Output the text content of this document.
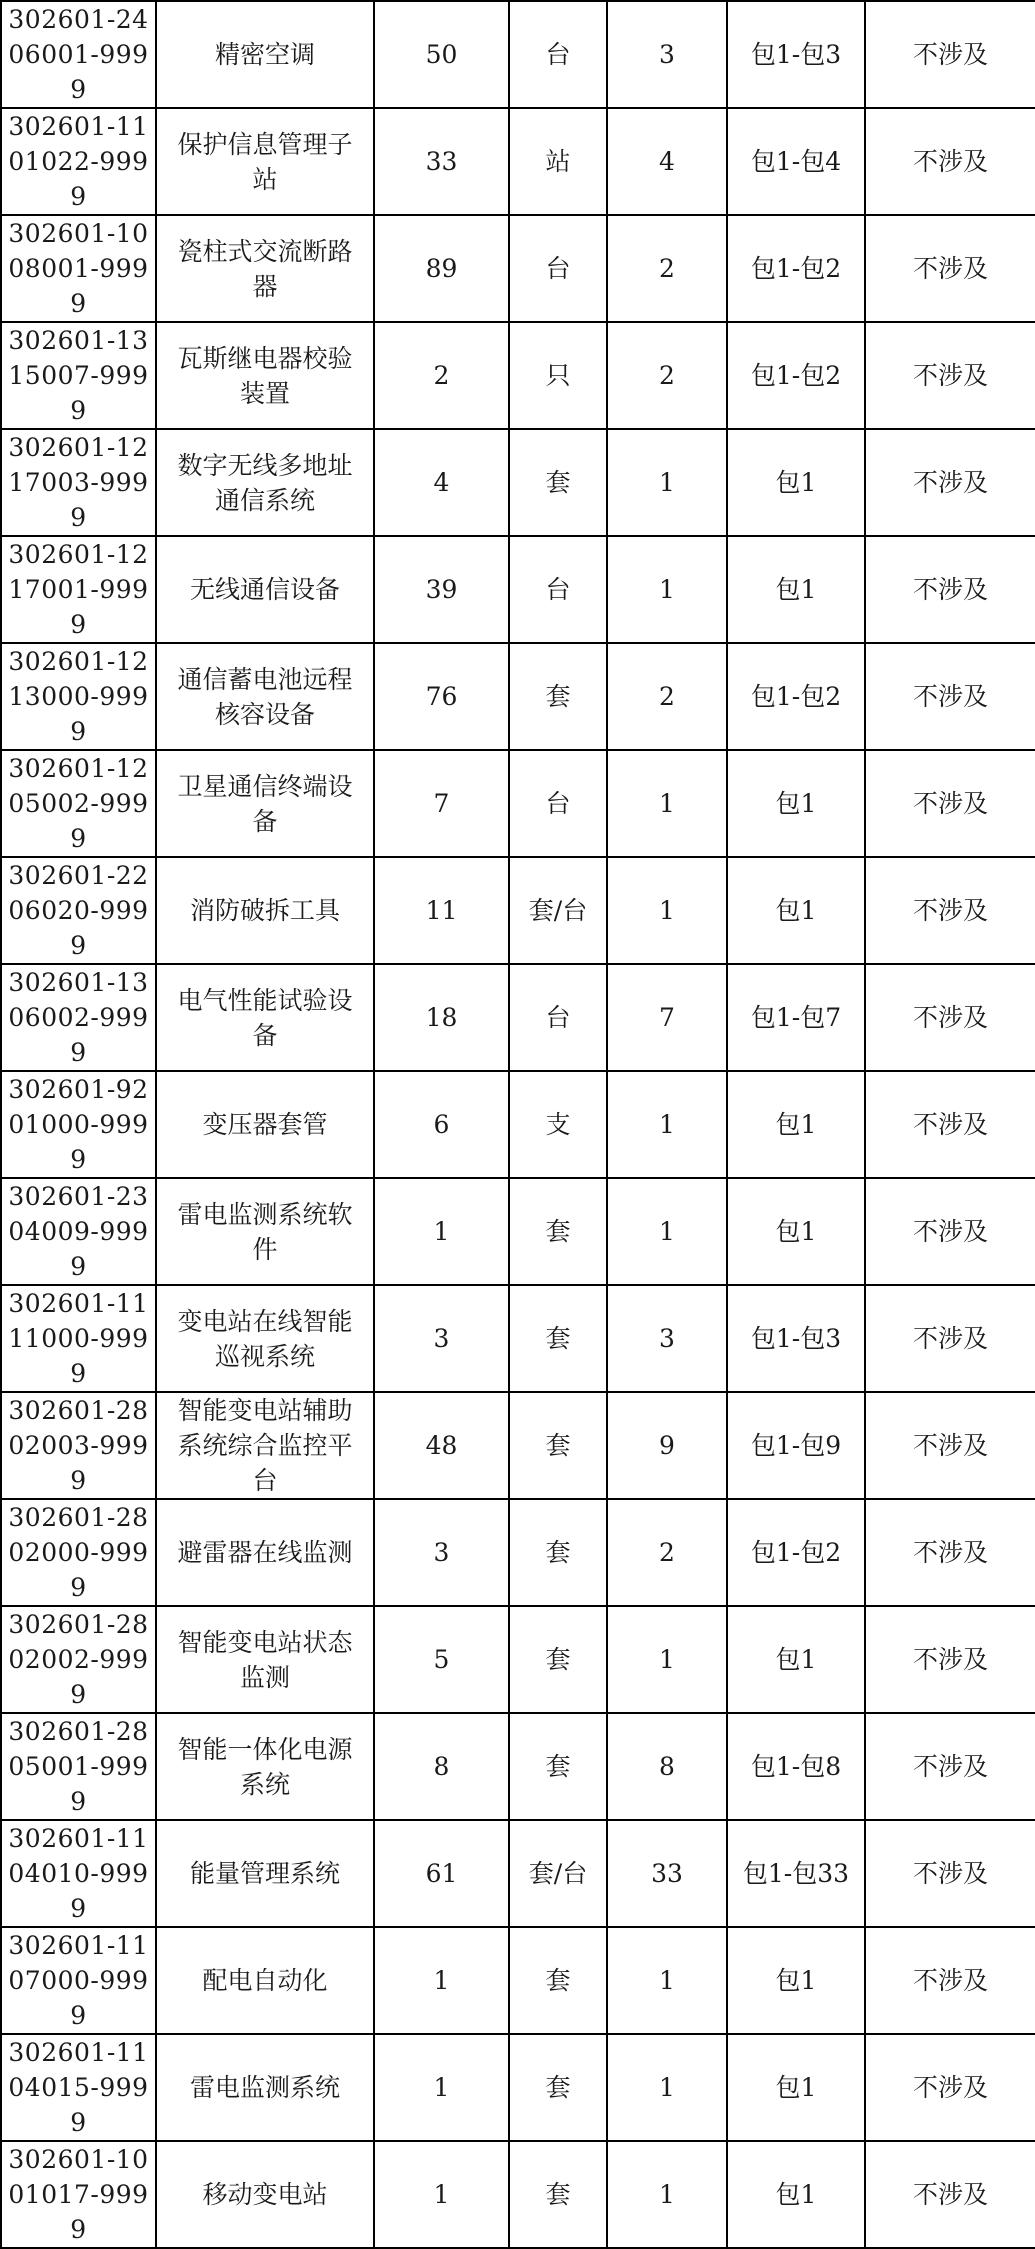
302601-2406001-9999	精密空调	50	台	3	包1-包3	不涉及
302601-1101022-9999	保护信息管理子站	33	站	4	包1-包4	不涉及
302601-1008001-9999	瓷柱式交流断路器	89	台	2	包1-包2	不涉及
302601-1315007-9999	瓦斯继电器校验装置	2	只	2	包1-包2	不涉及
302601-1217003-9999	数字无线多地址通信系统	4	套	1	包1	不涉及
302601-1217001-9999	无线通信设备	39	台	1	包1	不涉及
302601-1213000-9999	通信蓄电池远程核容设备	76	套	2	包1-包2	不涉及
302601-1205002-9999	卫星通信终端设备	7	台	1	包1	不涉及
302601-2206020-9999	消防破拆工具	11	套/台	1	包1	不涉及
302601-1306002-9999	电气性能试验设备	18	台	7	包1-包7	不涉及
302601-9201000-9999	变压器套管	6	支	1	包1	不涉及
302601-2304009-9999	雷电监测系统软件	1	套	1	包1	不涉及
302601-1111000-9999	变电站在线智能巡视系统	3	套	3	包1-包3	不涉及
302601-2802003-9999	智能变电站辅助系统综合监控平台	48	套	9	包1-包9	不涉及
302601-2802000-9999	避雷器在线监测	3	套	2	包1-包2	不涉及
302601-2802002-9999	智能变电站状态监测	5	套	1	包1	不涉及
302601-2805001-9999	智能一体化电源系统	8	套	8	包1-包8	不涉及
302601-1104010-9999	能量管理系统	61	套/台	33	包1-包33	不涉及
302601-1107000-9999	配电自动化	1	套	1	包1	不涉及
302601-1104015-9999	雷电监测系统	1	套	1	包1	不涉及
302601-1001017-9999	移动变电站	1	套	1	包1	不涉及
